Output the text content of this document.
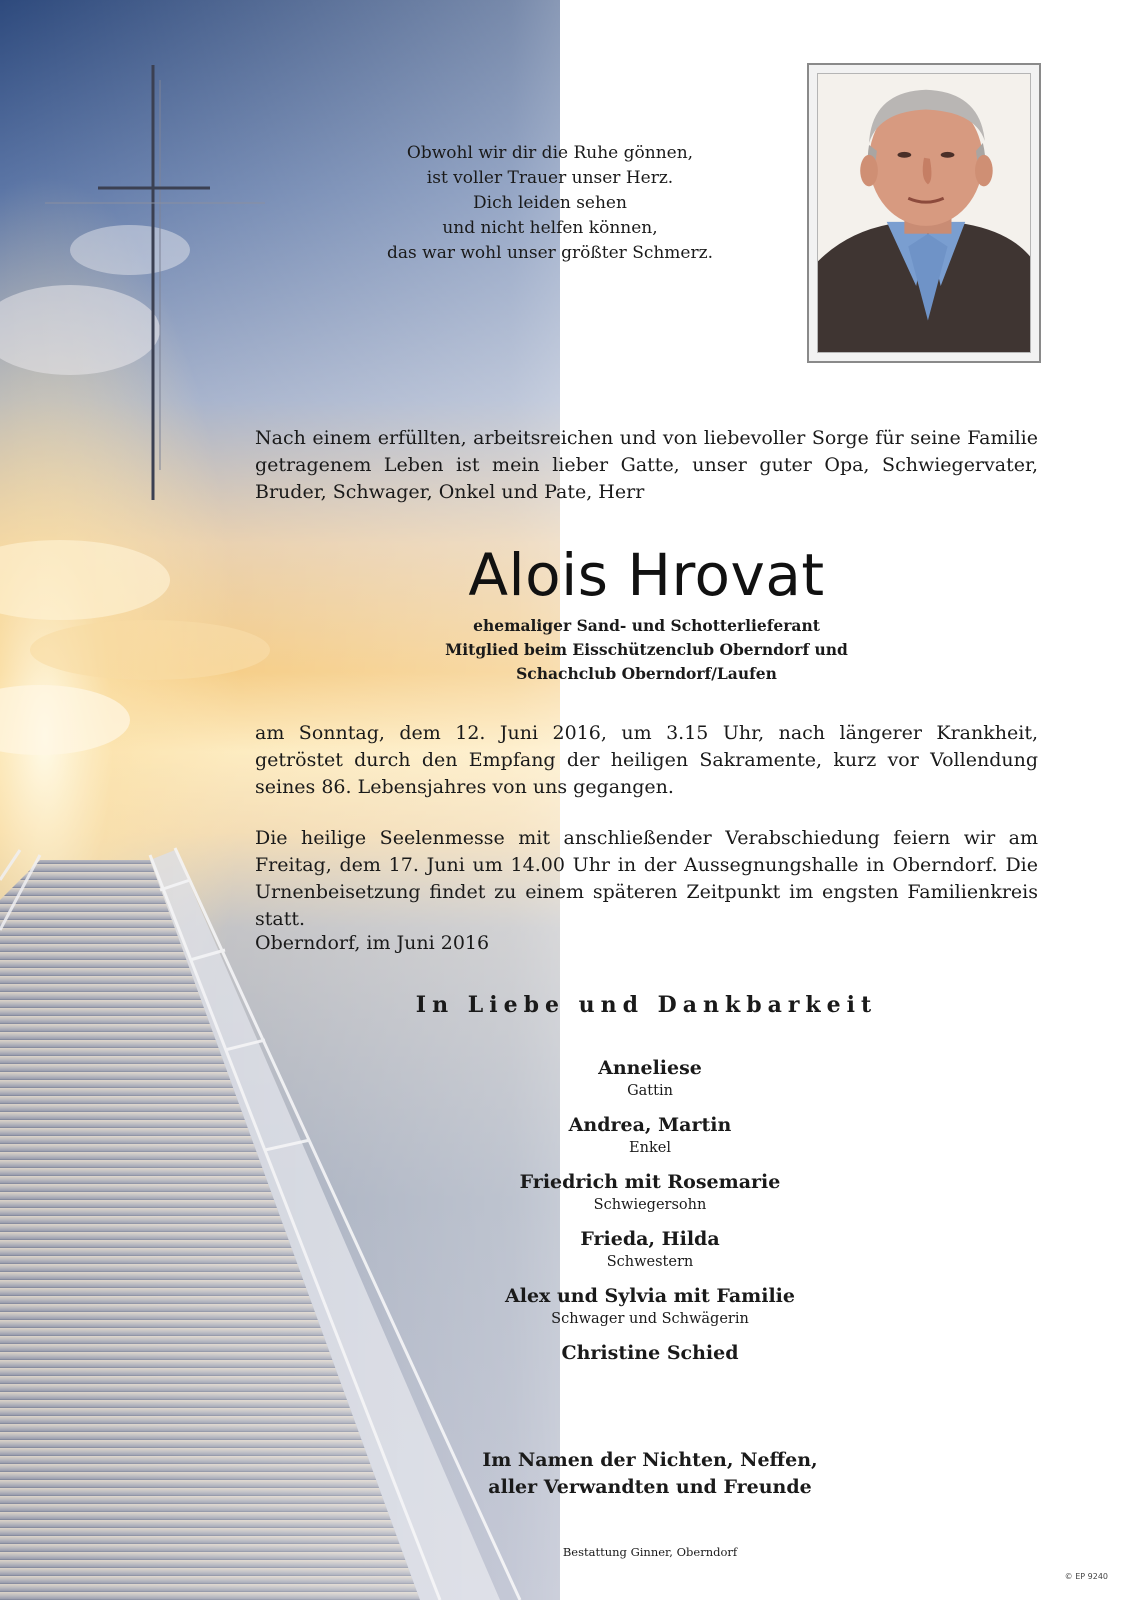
Obwohl wir dir die Ruhe gönnen,
ist voller Trauer unser Herz.
Dich leiden sehen
und nicht helfen können,
das war wohl unser größter Schmerz.

Nach einem erfüllten, arbeitsreichen und von liebevoller Sorge für seine Familie getragenem Leben ist mein lieber Gatte, unser guter Opa, Schwiegervater, Bruder, Schwager, Onkel und Pate, Herr

Alois Hrovat

ehemaliger Sand- und Schotterlieferant
Mitglied beim Eisschützenclub Oberndorf und
Schachclub Oberndorf/Laufen

am Sonntag, dem 12. Juni 2016, um 3.15 Uhr, nach längerer Krankheit, getröstet durch den Empfang der heiligen Sakramente, kurz vor Vollendung seines 86. Lebensjahres von uns gegangen.

Die heilige Seelenmesse mit anschließender Verabschiedung feiern wir am Freitag, dem 17. Juni um 14.00 Uhr in der Aussegnungshalle in Oberndorf. Die Urnenbeisetzung findet zu einem späteren Zeitpunkt im engsten Familienkreis statt.

Oberndorf, im Juni 2016

In Liebe und Dankbarkeit

Anneliese
Gattin
Andrea, Martin
Enkel
Friedrich mit Rosemarie
Schwiegersohn
Frieda, Hilda
Schwestern
Alex und Sylvia mit Familie
Schwager und Schwägerin
Christine Schied

Im Namen der Nichten, Neffen,
aller Verwandten und Freunde

Bestattung Ginner, Oberndorf

© EP 9240
